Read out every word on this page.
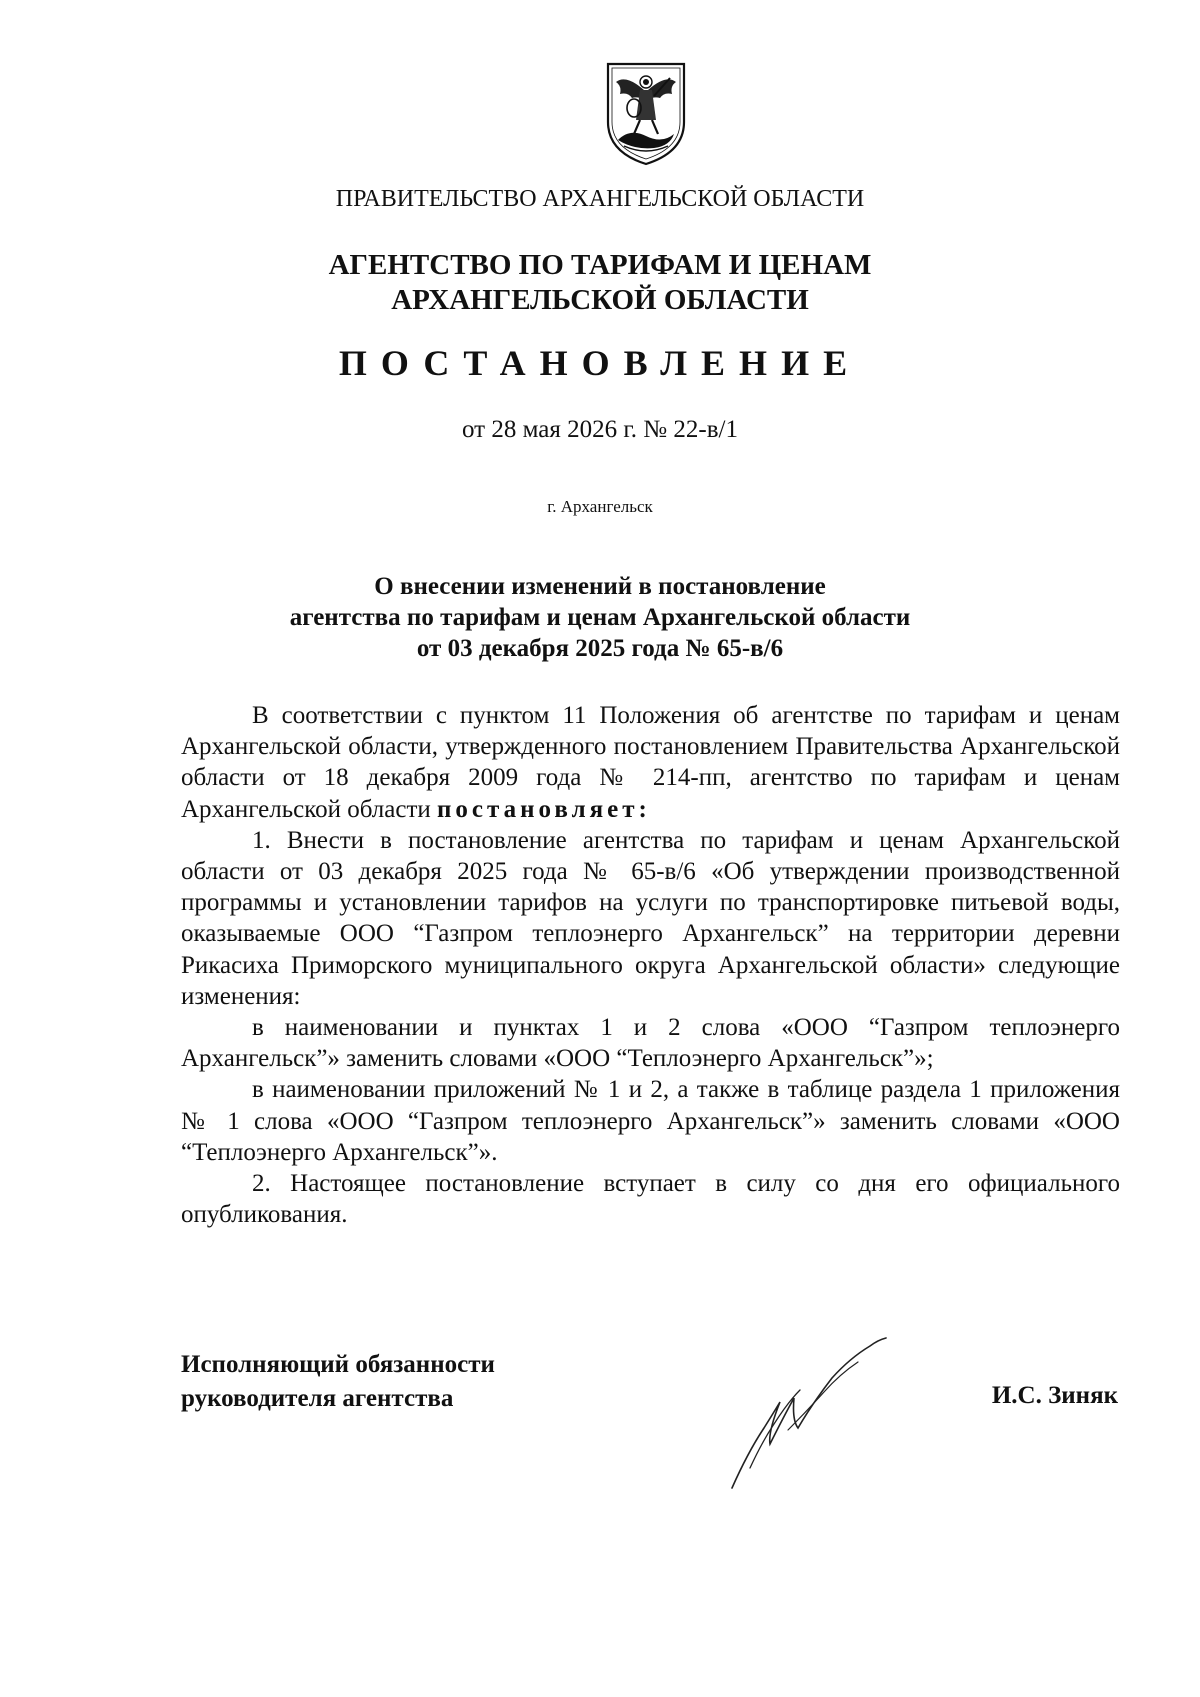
ПРАВИТЕЛЬСТВО АРХАНГЕЛЬСКОЙ ОБЛАСТИ
АГЕНТСТВО ПО ТАРИФАМ И ЦЕНАМ
АРХАНГЕЛЬСКОЙ ОБЛАСТИ
ПОСТАНОВЛЕНИЕ
от 28 мая 2026 г. № 22-в/1
г. Архангельск
О внесении изменений в постановление
агентства по тарифам и ценам Архангельской области
от 03 декабря 2025 года № 65-в/6

В соответствии с пунктом 11 Положения об агентстве по тарифам и ценам Архангельской области, утвержденного постановлением Правительства Архангельской области от 18 декабря 2009 года № 214-пп, агентство по тарифам и ценам Архангельской области постановляет:

1. Внести в постановление агентства по тарифам и ценам Архангельской области от 03 декабря 2025 года № 65-в/6 «Об утверждении производственной программы и установлении тарифов на услуги по транспортировке питьевой воды, оказываемые ООО “Газпром теплоэнерго Архангельск” на территории деревни Рикасиха Приморского муниципального округа Архангельской области» следующие изменения:

в наименовании и пунктах 1 и 2 слова «ООО “Газпром теплоэнерго Архангельск”» заменить словами «ООО “Теплоэнерго Архангельск”»;

в наименовании приложений № 1 и 2, а также в таблице раздела 1 приложения № 1 слова «ООО “Газпром теплоэнерго Архангельск”» заменить словами «ООО “Теплоэнерго Архангельск”».

2. Настоящее постановление вступает в силу со дня его официального опубликования.

Исполняющий обязанности
руководителя агентства	И.С. Зиняк
